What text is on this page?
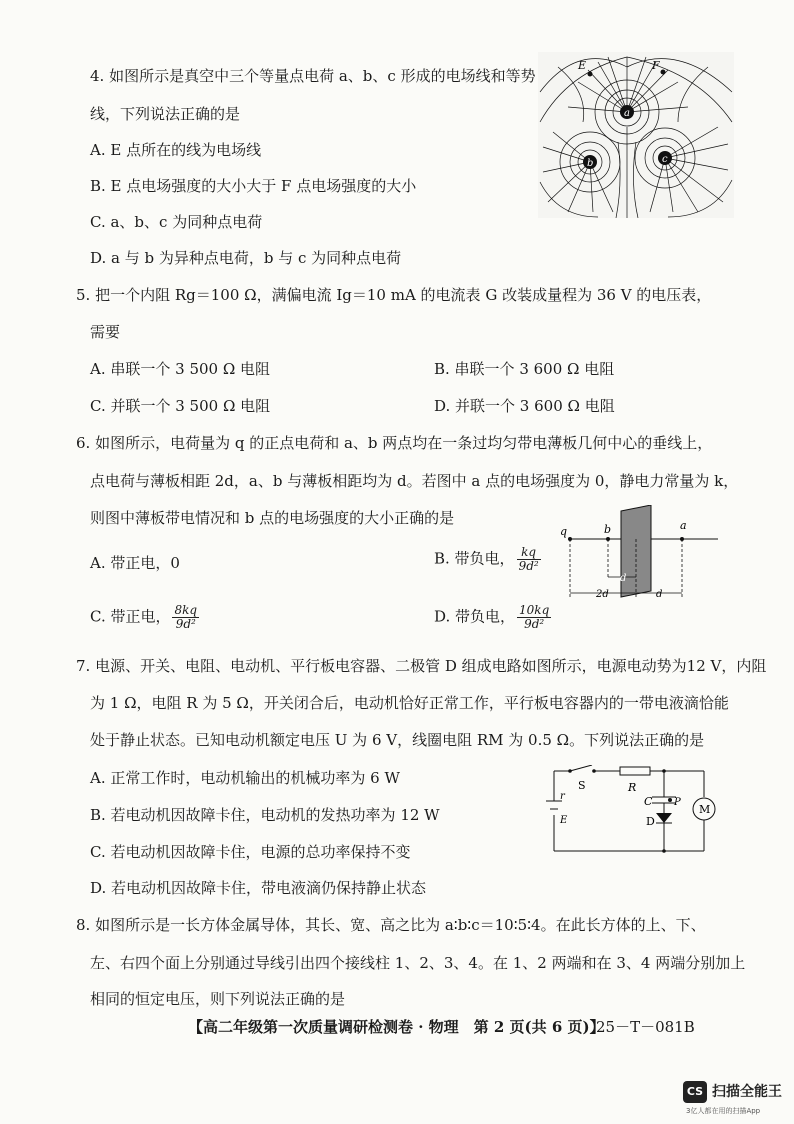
4. 如图所示是真空中三个等量点电荷 a、b、c 形成的电场线和等势
线，下列说法正确的是
A. E 点所在的线为电场线
B. E 点电场强度的大小大于 F 点电场强度的大小
C. a、b、c 为同种点电荷
D. a 与 b 为异种点电荷，b 与 c 为同种点电荷
a
b	c
E	F
5. 把一个内阻 Rg＝100 Ω，满偏电流 Ig＝10 mA 的电流表 G 改装成量程为 36 V 的电压表，
需要
A. 串联一个 3 500 Ω 电阻	B. 串联一个 3 600 Ω 电阻
C. 并联一个 3 500 Ω 电阻	D. 并联一个 3 600 Ω 电阻
6. 如图所示，电荷量为 q 的正点电荷和 a、b 两点均在一条过均匀带电薄板几何中心的垂线上，
点电荷与薄板相距 2d，a、b 与薄板相距均为 d。若图中 a 点的电场强度为 0，静电力常量为 k，
则图中薄板带电情况和 b 点的电场强度的大小正确的是
A. 带正电，0	B. 带负电， $\frac{kq}{\text{9d²}}$
C. 带正电， $\frac{8kq}{\text{9d²}}$	D. 带负电， $\frac{10kq}{\text{9d²}}$
q	b	a
d
2d	d
7. 电源、开关、电阻、电动机、平行板电容器、二极管 D 组成电路如图所示，电源电动势为12 V，内阻
为 1 Ω，电阻 R 为 5 Ω，开关闭合后，电动机恰好正常工作，平行板电容器内的一带电液滴恰能
处于静止状态。已知电动机额定电压 U 为 6 V，线圈电阻 RM 为 0.5 Ω。下列说法正确的是
A. 正常工作时，电动机输出的机械功率为 6 W
B. 若电动机因故障卡住，电动机的发热功率为 12 W
C. 若电动机因故障卡住，电源的总功率保持不变
D. 若电动机因故障卡住，带电液滴仍保持静止状态
S	R
C P
D
M
r
E
8. 如图所示是一长方体金属导体，其长、宽、高之比为 a∶b∶c＝10∶5∶4。在此长方体的上、下、
左、右四个面上分别通过导线引出四个接线柱 1、2、3、4。在 1、2 两端和在 3、4 两端分别加上
相同的恒定电压，则下列说法正确的是
【高二年级第一次质量调研检测卷 · 物理　第 2 页(共 6 页)】
25－T－081B
CS 扫描全能王
3亿人都在用的扫描App
